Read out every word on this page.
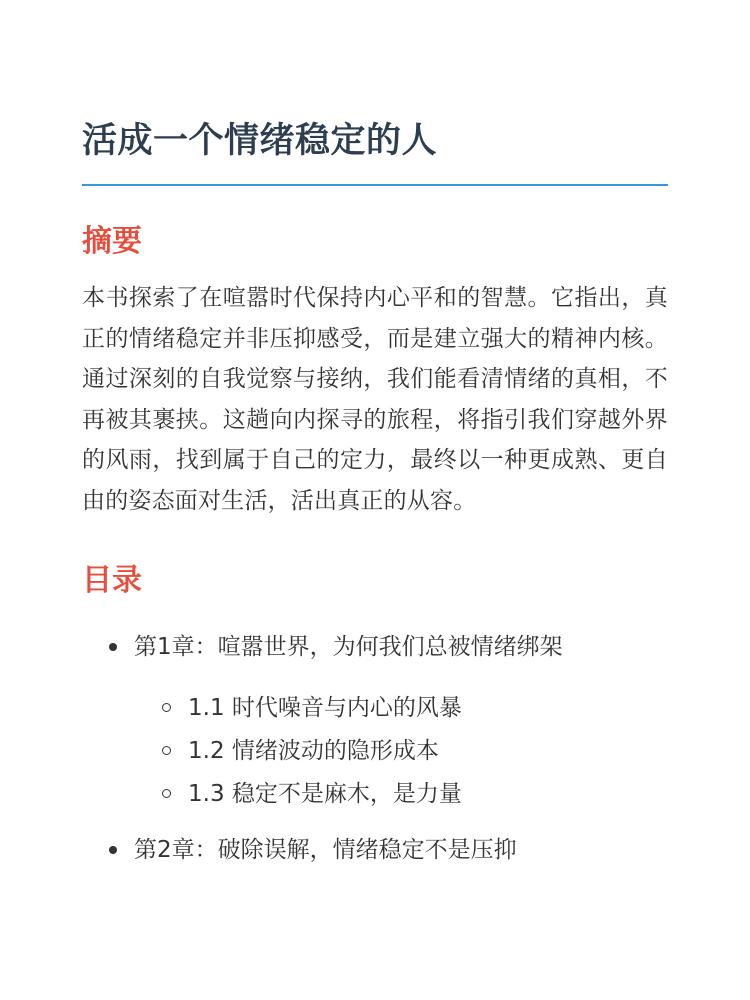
活成一个情绪稳定的人
摘要

本书探索了在喧嚣时代保持内心平和的智慧。它指出，真正的情绪稳定并非压抑感受，而是建立强大的精神内核。通过深刻的自我觉察与接纳，我们能看清情绪的真相，不再被其裹挟。这趟向内探寻的旅程，将指引我们穿越外界的风雨，找到属于自己的定力，最终以一种更成熟、更自由的姿态面对生活，活出真正的从容。

目录
第1章：喧嚣世界，为何我们总被情绪绑架
1.1 时代噪音与内心的风暴
1.2 情绪波动的隐形成本
1.3 稳定不是麻木，是力量
第2章：破除误解，情绪稳定不是压抑
